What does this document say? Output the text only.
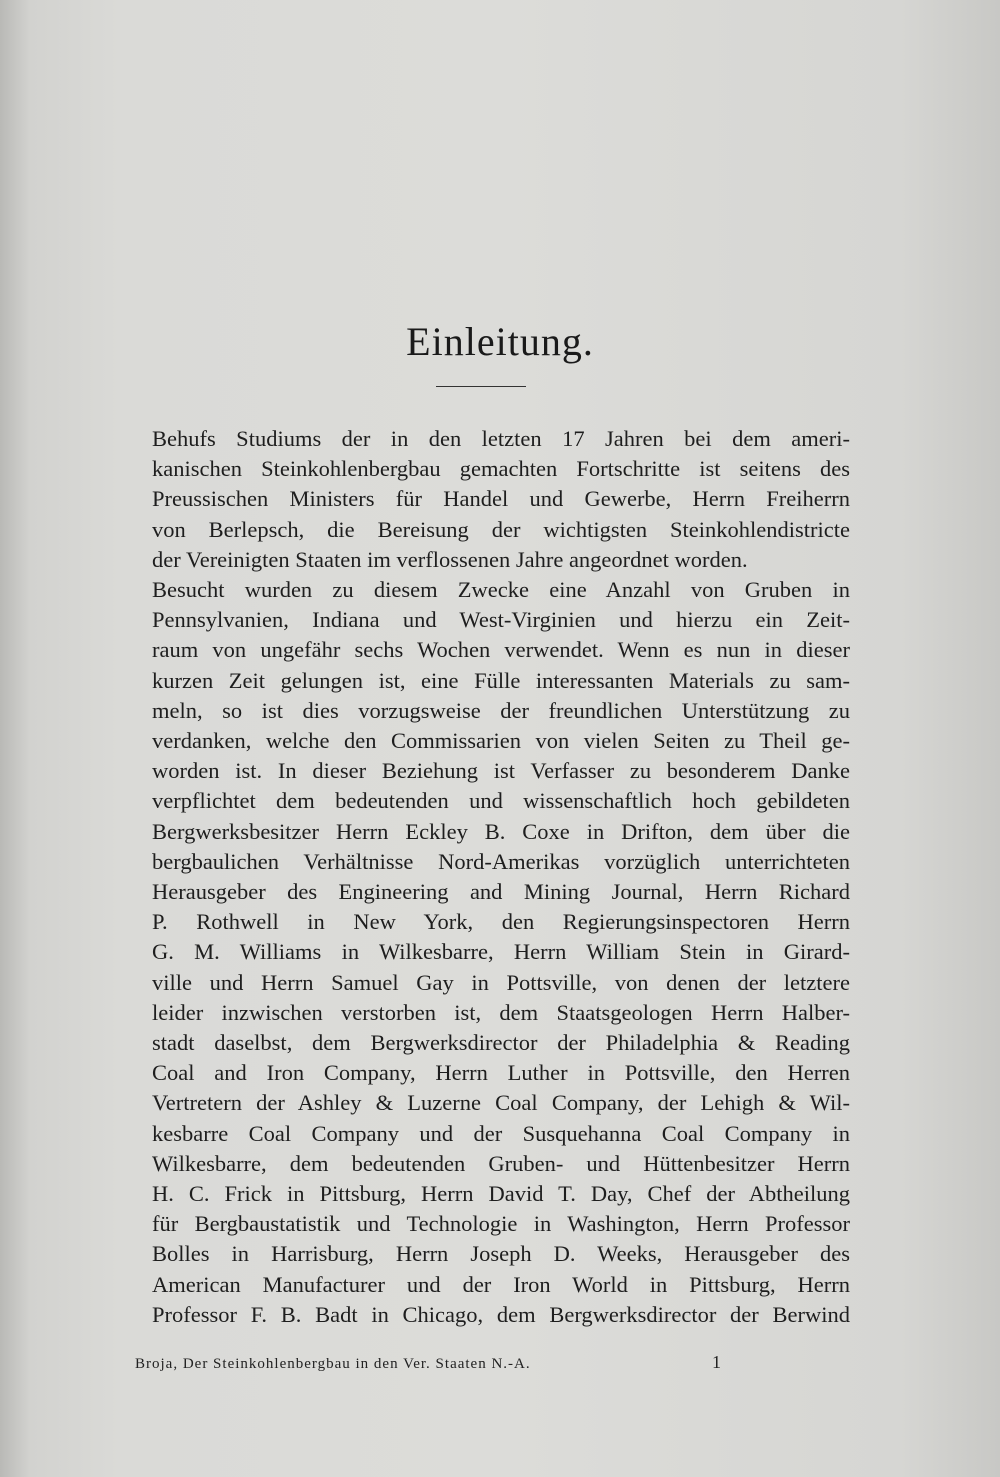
Einleitung.

Behufs Studiums der in den letzten 17 Jahren bei dem ameri-
kanischen Steinkohlenbergbau gemachten Fortschritte ist seitens des
Preussischen Ministers für Handel und Gewerbe, Herrn Freiherrn
von Berlepsch, die Bereisung der wichtigsten Steinkohlendistricte
der Vereinigten Staaten im verflossenen Jahre angeordnet worden.

Besucht wurden zu diesem Zwecke eine Anzahl von Gruben in
Pennsylvanien, Indiana und West-Virginien und hierzu ein Zeit-
raum von ungefähr sechs Wochen verwendet. Wenn es nun in dieser
kurzen Zeit gelungen ist, eine Fülle interessanten Materials zu sam-
meln, so ist dies vorzugsweise der freundlichen Unterstützung zu
verdanken, welche den Commissarien von vielen Seiten zu Theil ge-
worden ist. In dieser Beziehung ist Verfasser zu besonderem Danke
verpflichtet dem bedeutenden und wissenschaftlich hoch gebildeten
Bergwerksbesitzer Herrn Eckley B. Coxe in Drifton, dem über die
bergbaulichen Verhältnisse Nord-Amerikas vorzüglich unterrichteten
Herausgeber des Engineering and Mining Journal, Herrn Richard
P. Rothwell in New York, den Regierungsinspectoren Herrn
G. M. Williams in Wilkesbarre, Herrn William Stein in Girard-
ville und Herrn Samuel Gay in Pottsville, von denen der letztere
leider inzwischen verstorben ist, dem Staatsgeologen Herrn Halber-
stadt daselbst, dem Bergwerksdirector der Philadelphia & Reading
Coal and Iron Company, Herrn Luther in Pottsville, den Herren
Vertretern der Ashley & Luzerne Coal Company, der Lehigh & Wil-
kesbarre Coal Company und der Susquehanna Coal Company in
Wilkesbarre, dem bedeutenden Gruben- und Hüttenbesitzer Herrn
H. C. Frick in Pittsburg, Herrn David T. Day, Chef der Abtheilung
für Bergbaustatistik und Technologie in Washington, Herrn Professor
Bolles in Harrisburg, Herrn Joseph D. Weeks, Herausgeber des
American Manufacturer und der Iron World in Pittsburg, Herrn
Professor F. B. Badt in Chicago, dem Bergwerksdirector der Berwind

Broja, Der Steinkohlenbergbau in den Ver. Staaten N.-A.	1
